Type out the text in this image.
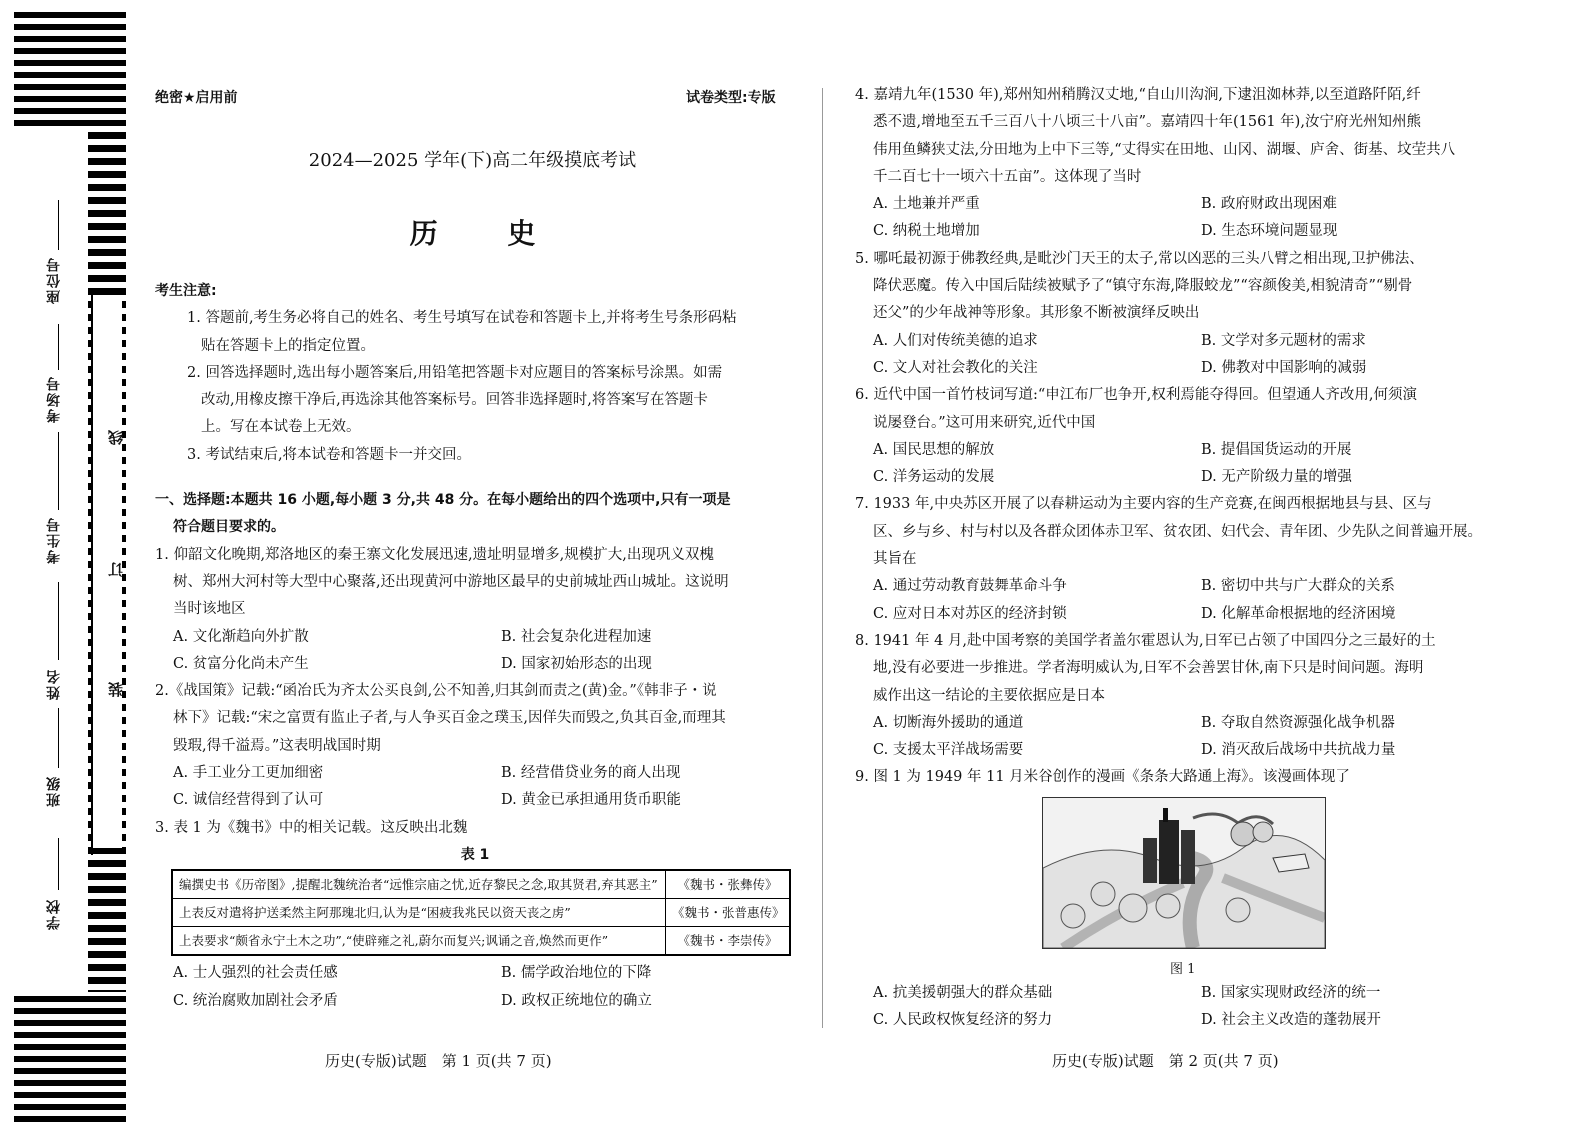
学校
班级
姓名
考生号
考场号
座位号
线
订
装
绝密★启用前	试卷类型:专版
2024—2025 学年(下)高二年级摸底考试
历 史

考生注意:

1. 答题前,考生务必将自己的姓名、考生号填写在试卷和答题卡上,并将考生号条形码粘

贴在答题卡上的指定位置。

2. 回答选择题时,选出每小题答案后,用铅笔把答题卡对应题目的答案标号涂黑。如需

改动,用橡皮擦干净后,再选涂其他答案标号。回答非选择题时,将答案写在答题卡

上。写在本试卷上无效。

3. 考试结束后,将本试卷和答题卡一并交回。

一、选择题:本题共 16 小题,每小题 3 分,共 48 分。在每小题给出的四个选项中,只有一项是

符合题目要求的。

1. 仰韶文化晚期,郑洛地区的秦王寨文化发展迅速,遗址明显增多,规模扩大,出现巩义双槐

树、郑州大河村等大型中心聚落,还出现黄河中游地区最早的史前城址西山城址。这说明

当时该地区

A. 文化渐趋向外扩散	B. 社会复杂化进程加速
C. 贫富分化尚未产生	D. 国家初始形态的出现

2.《战国策》记载:“函冶氏为齐太公买良剑,公不知善,归其剑而责之(黄)金。”《韩非子・说

林下》记载:“宋之富贾有监止子者,与人争买百金之璞玉,因佯失而毁之,负其百金,而理其

毁瑕,得千溢焉。”这表明战国时期

A. 手工业分工更加细密	B. 经营借贷业务的商人出现
C. 诚信经营得到了认可	D. 黄金已承担通用货币职能

3. 表 1 为《魏书》中的相关记载。这反映出北魏

表 1

编撰史书《历帝图》,提醒北魏统治者“远惟宗庙之忧,近存黎民之念,取其贤君,弃其恶主”	《魏书・张彝传》
上表反对遣将护送柔然主阿那瑰北归,认为是“困疲我兆民以资天丧之虏”	《魏书・张普惠传》
上表要求“颇省永宁土木之功”,“使辟雍之礼,蔚尔而复兴;讽诵之音,焕然而更作”	《魏书・李崇传》
A. 士人强烈的社会责任感	B. 儒学政治地位的下降
C. 统治腐败加剧社会矛盾	D. 政权正统地位的确立
历史(专版)试题　第 1 页(共 7 页)

4. 嘉靖九年(1530 年),郑州知州稍腾汉丈地,“自山川沟涧,下逮沮洳林莽,以至道路阡陌,纤

悉不遗,增地至五千三百八十八顷三十八亩”。嘉靖四十年(1561 年),汝宁府光州知州熊

伟用鱼鳞狭丈法,分田地为上中下三等,“丈得实在田地、山冈、湖堰、庐舍、街基、坟茔共八

千二百七十一顷六十五亩”。这体现了当时

A. 土地兼并严重	B. 政府财政出现困难
C. 纳税土地增加	D. 生态环境问题显现

5. 哪吒最初源于佛教经典,是毗沙门天王的太子,常以凶恶的三头八臂之相出现,卫护佛法、

降伏恶魔。传入中国后陆续被赋予了“镇守东海,降服蛟龙”“容颜俊美,相貌清奇”“剔骨

还父”的少年战神等形象。其形象不断被演绎反映出

A. 人们对传统美德的追求	B. 文学对多元题材的需求
C. 文人对社会教化的关注	D. 佛教对中国影响的减弱

6. 近代中国一首竹枝词写道:“申江布厂也争开,权利焉能夺得回。但望通人齐改用,何须演

说屡登台。”这可用来研究,近代中国

A. 国民思想的解放	B. 提倡国货运动的开展
C. 洋务运动的发展	D. 无产阶级力量的增强

7. 1933 年,中央苏区开展了以春耕运动为主要内容的生产竞赛,在闽西根据地县与县、区与

区、乡与乡、村与村以及各群众团体赤卫军、贫农团、妇代会、青年团、少先队之间普遍开展。

其旨在

A. 通过劳动教育鼓舞革命斗争	B. 密切中共与广大群众的关系
C. 应对日本对苏区的经济封锁	D. 化解革命根据地的经济困境

8. 1941 年 4 月,赴中国考察的美国学者盖尔霍恩认为,日军已占领了中国四分之三最好的土

地,没有必要进一步推进。学者海明威认为,日军不会善罢甘休,南下只是时间问题。海明

威作出这一结论的主要依据应是日本

A. 切断海外援助的通道	B. 夺取自然资源强化战争机器
C. 支援太平洋战场需要	D. 消灭敌后战场中共抗战力量

9. 图 1 为 1949 年 11 月米谷创作的漫画《条条大路通上海》。该漫画体现了

图 1
A. 抗美援朝强大的群众基础	B. 国家实现财政经济的统一
C. 人民政权恢复经济的努力	D. 社会主义改造的蓬勃展开
历史(专版)试题　第 2 页(共 7 页)
